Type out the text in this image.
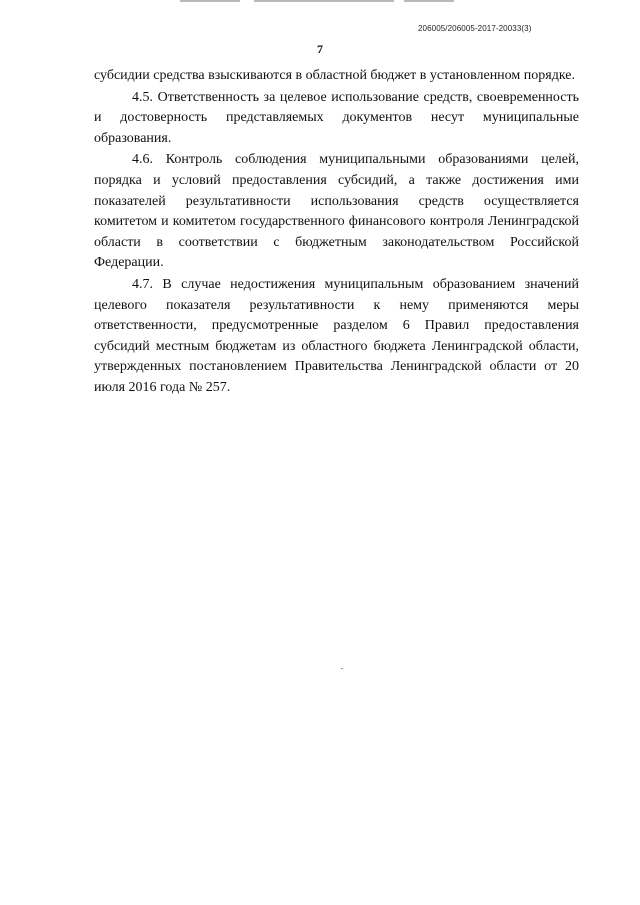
206005/206005-2017-20033(3)
7

субсидии средства взыскиваются в областной бюджет в установленном порядке.

4.5. Ответственность за целевое использование средств, своевременность и достоверность представляемых документов несут муниципальные образования.

4.6. Контроль соблюдения муниципальными образованиями целей, порядка и условий предоставления субсидий, а также достижения ими показателей результативности использования средств осуществляется комитетом и комитетом государственного финансового контроля Ленинградской области в соответствии с бюджетным законодательством Российской Федерации.

4.7. В случае недостижения муниципальным образованием значений целевого показателя результативности к нему применяются меры ответственности, предусмотренные разделом 6 Правил предоставления субсидий местным бюджетам из областного бюджета Ленинградской области, утвержденных постановлением Правительства Ленинградской области от 20 июля 2016 года № 257.
